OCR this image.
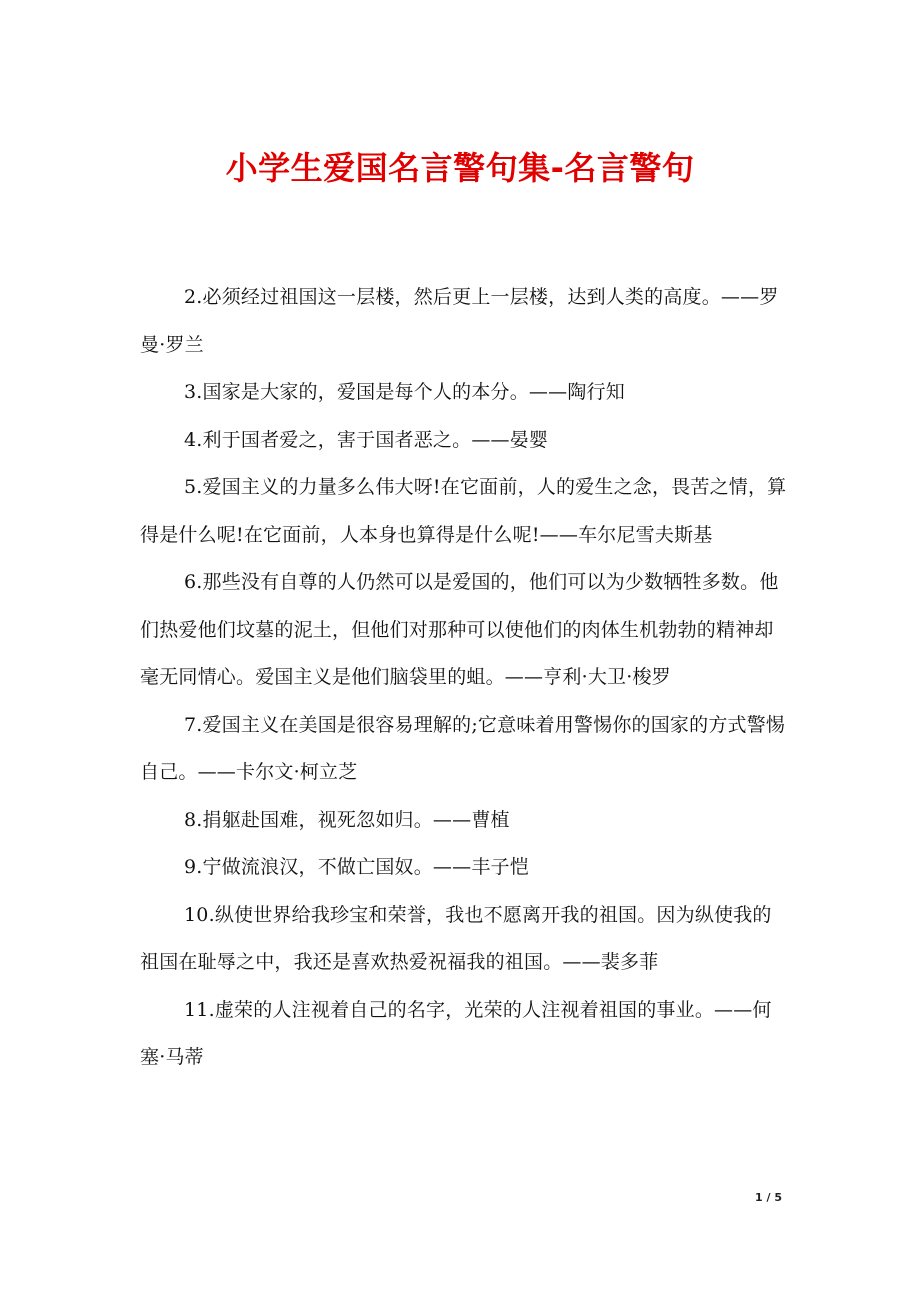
小学生爱国名言警句集-名言警句

2.必须经过祖国这一层楼，然后更上一层楼，达到人类的高度。——罗曼·罗兰

3.国家是大家的，爱国是每个人的本分。——陶行知

4.利于国者爱之，害于国者恶之。——晏婴

5.爱国主义的力量多么伟大呀!在它面前，人的爱生之念，畏苦之情，算得是什么呢!在它面前，人本身也算得是什么呢!——车尔尼雪夫斯基

6.那些没有自尊的人仍然可以是爱国的，他们可以为少数牺牲多数。他们热爱他们坟墓的泥土，但他们对那种可以使他们的肉体生机勃勃的精神却毫无同情心。爱国主义是他们脑袋里的蛆。——亨利·大卫·梭罗

7.爱国主义在美国是很容易理解的;它意味着用警惕你的国家的方式警惕自己。——卡尔文·柯立芝

8.捐躯赴国难，视死忽如归。——曹植

9.宁做流浪汉，不做亡国奴。——丰子恺

10.纵使世界给我珍宝和荣誉，我也不愿离开我的祖国。因为纵使我的祖国在耻辱之中，我还是喜欢热爱祝福我的祖国。——裴多菲

11.虚荣的人注视着自己的名字，光荣的人注视着祖国的事业。——何塞·马蒂

1 / 5
